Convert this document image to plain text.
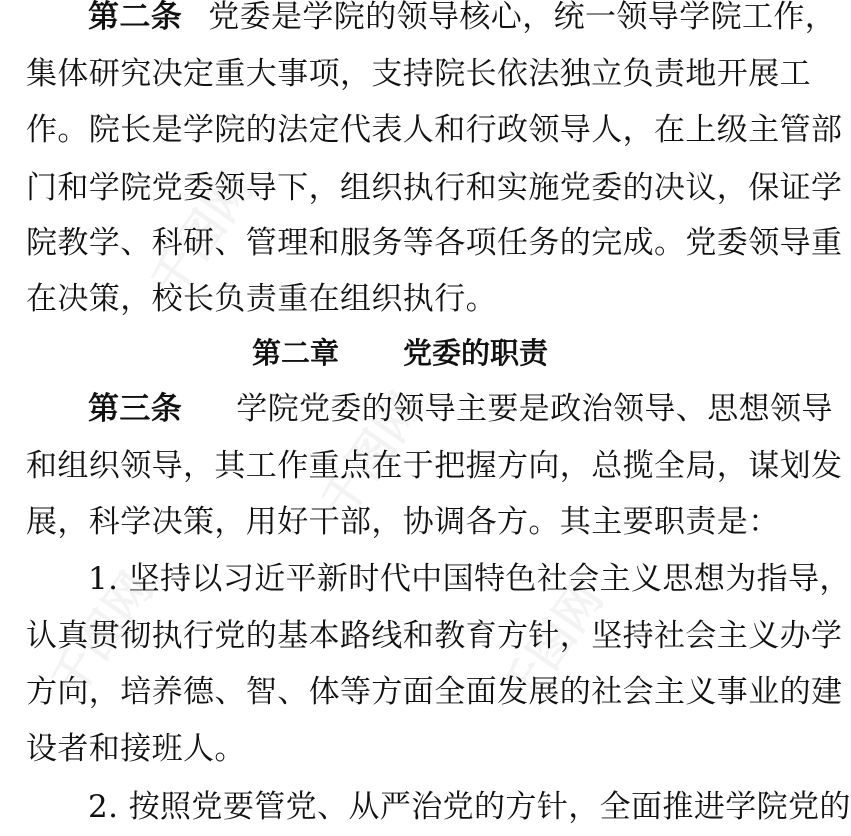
千图网
千图网
千图网
千图网
第二条 党委是学院的领导核心，统一领导学院工作，
集体研究决定重大事项，支持院长依法独立负责地开展工
作。院长是学院的法定代表人和行政领导人，在上级主管部
门和学院党委领导下，组织执行和实施党委的决议，保证学
院教学、科研、管理和服务等各项任务的完成。党委领导重
在决策，校长负责重在组织执行。
第二章 党委的职责
第三条 学院党委的领导主要是政治领导、思想领导
和组织领导，其工作重点在于把握方向，总揽全局，谋划发
展，科学决策，用好干部，协调各方。其主要职责是：
1. 坚持以习近平新时代中国特色社会主义思想为指导，
认真贯彻执行党的基本路线和教育方针，坚持社会主义办学
方向，培养德、智、体等方面全面发展的社会主义事业的建
设者和接班人。
2. 按照党要管党、从严治党的方针，全面推进学院党的
